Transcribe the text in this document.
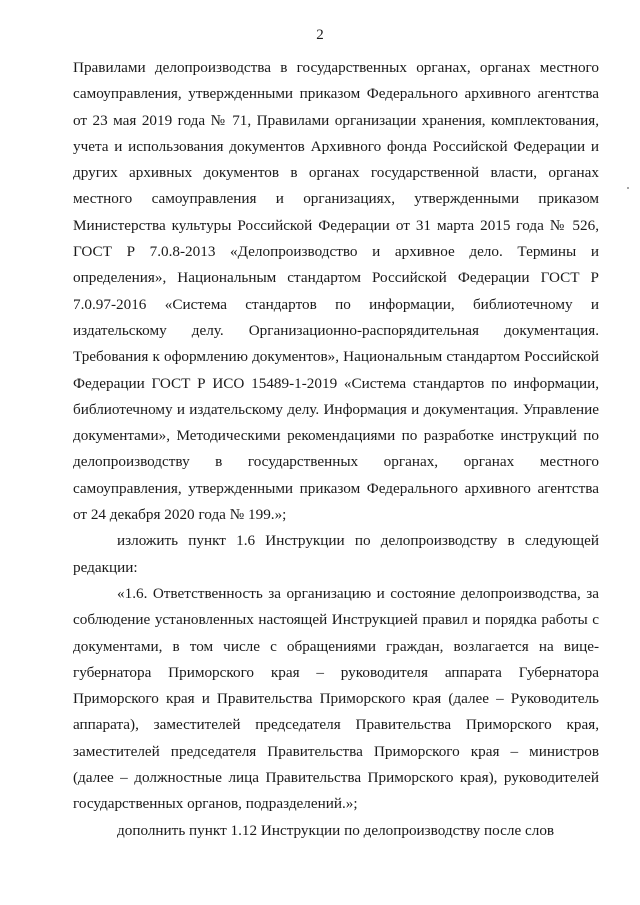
2

Правилами делопроизводства в государственных органах, органах местного самоуправления, утвержденными приказом Федерального архивного агентства от 23 мая 2019 года № 71, Правилами организации хранения, комплектования, учета и использования документов Архивного фонда Российской Федерации и других архивных документов в органах государственной власти, органах местного самоуправления и организациях, утвержденными приказом Министерства культуры Российской Федерации от 31 марта 2015 года № 526, ГОСТ Р 7.0.8-2013 «Делопроизводство и архивное дело. Термины и определения», Национальным стандартом Российской Федерации ГОСТ Р 7.0.97-2016 «Система стандартов по информации, библиотечному и издательскому делу. Организационно-распорядительная документация. Требования к оформлению документов», Национальным стандартом Российской Федерации ГОСТ Р ИСО 15489-1-2019 «Система стандартов по информации, библиотечному и издательскому делу. Информация и документация. Управление документами», Методическими рекомендациями по разработке инструкций по делопроизводству в государственных органах, органах местного самоуправления, утвержденными приказом Федерального архивного агентства от 24 декабря 2020 года № 199.»;

изложить пункт 1.6 Инструкции по делопроизводству в следующей редакции:

«1.6. Ответственность за организацию и состояние делопроизводства, за соблюдение установленных настоящей Инструкцией правил и порядка работы с документами, в том числе с обращениями граждан, возлагается на вице-губернатора Приморского края – руководителя аппарата Губернатора Приморского края и Правительства Приморского края (далее – Руководитель аппарата), заместителей председателя Правительства Приморского края, заместителей председателя Правительства Приморского края – министров (далее – должностные лица Правительства Приморского края), руководителей государственных органов, подразделений.»;

дополнить пункт 1.12 Инструкции по делопроизводству после слов
